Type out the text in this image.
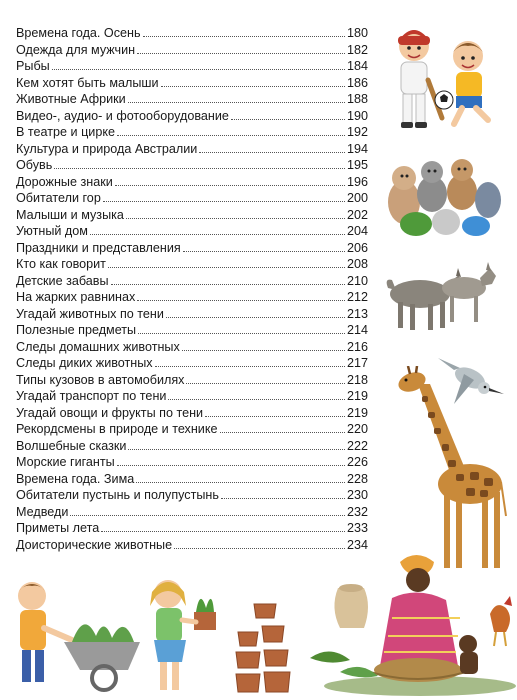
Времена года. Осень	180
Одежда для мужчин	182
Рыбы	184
Кем хотят быть малыши	186
Животные Африки	188
Видео-, аудио- и фотооборудование	190
В театре и цирке	192
Культура и природа Австралии	194
Обувь	195
Дорожные знаки	196
Обитатели гор	200
Малыши и музыка	202
Уютный дом	204
Праздники и представления	206
Кто как говорит	208
Детские забавы	210
На жарких равнинах	212
Угадай животных по тени	213
Полезные предметы	214
Следы домашних животных	216
Следы диких животных	217
Типы кузовов в автомобилях	218
Угадай транспорт по тени	219
Угадай овощи и фрукты по тени	219
Рекордсмены в природе и технике	220
Волшебные сказки	222
Морские гиганты	226
Времена года. Зима	228
Обитатели пустынь и полупустынь	230
Медведи	232
Приметы лета	233
Доисторические животные	234
